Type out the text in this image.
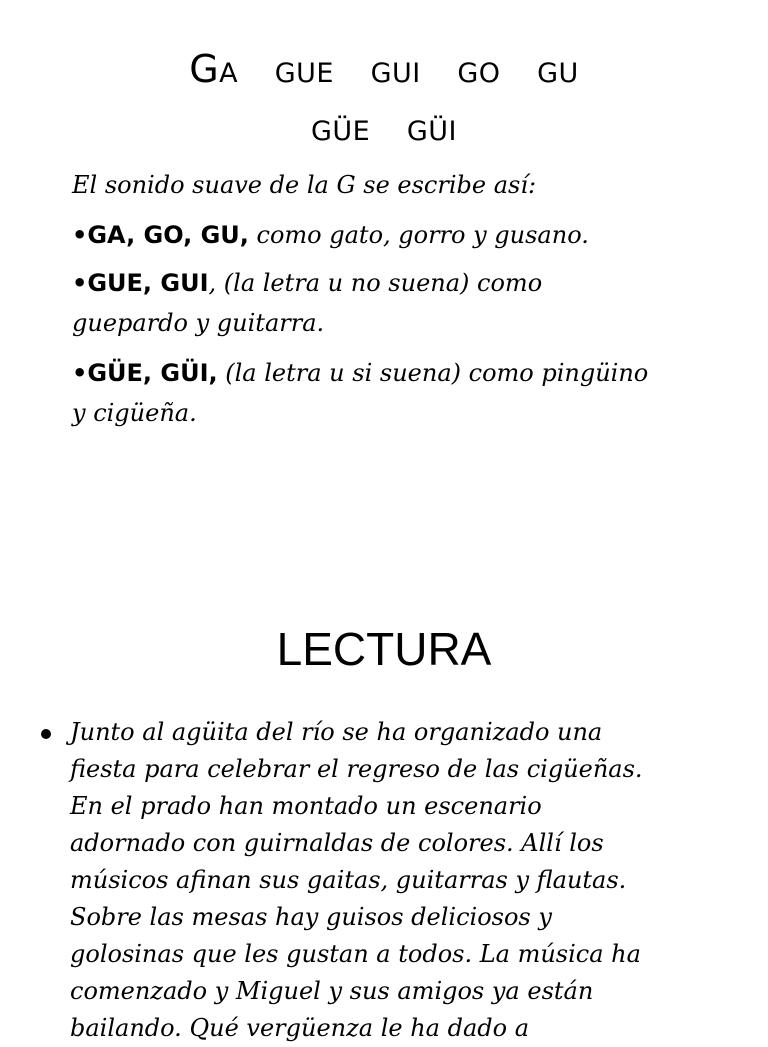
Ga gue gui go gu
güe güi

El sonido suave de la G se escribe así:

•GA, GO, GU, como gato, gorro y gusano.

•GUE, GUI, (la letra u no suena) como

guepardo y guitarra.

•GÜE, GÜI, (la letra u si suena) como pingüino

y cigüeña.

LECTURA
Junto al agüita del río se ha organizado una
fiesta para celebrar el regreso de las cigüeñas.
En el prado han montado un escenario
adornado con guirnaldas de colores. Allí los
músicos afinan sus gaitas, guitarras y flautas.
Sobre las mesas hay guisos deliciosos y
golosinas que les gustan a todos. La música ha
comenzado y Miguel y sus amigos ya están
bailando. Qué vergüenza le ha dado a
